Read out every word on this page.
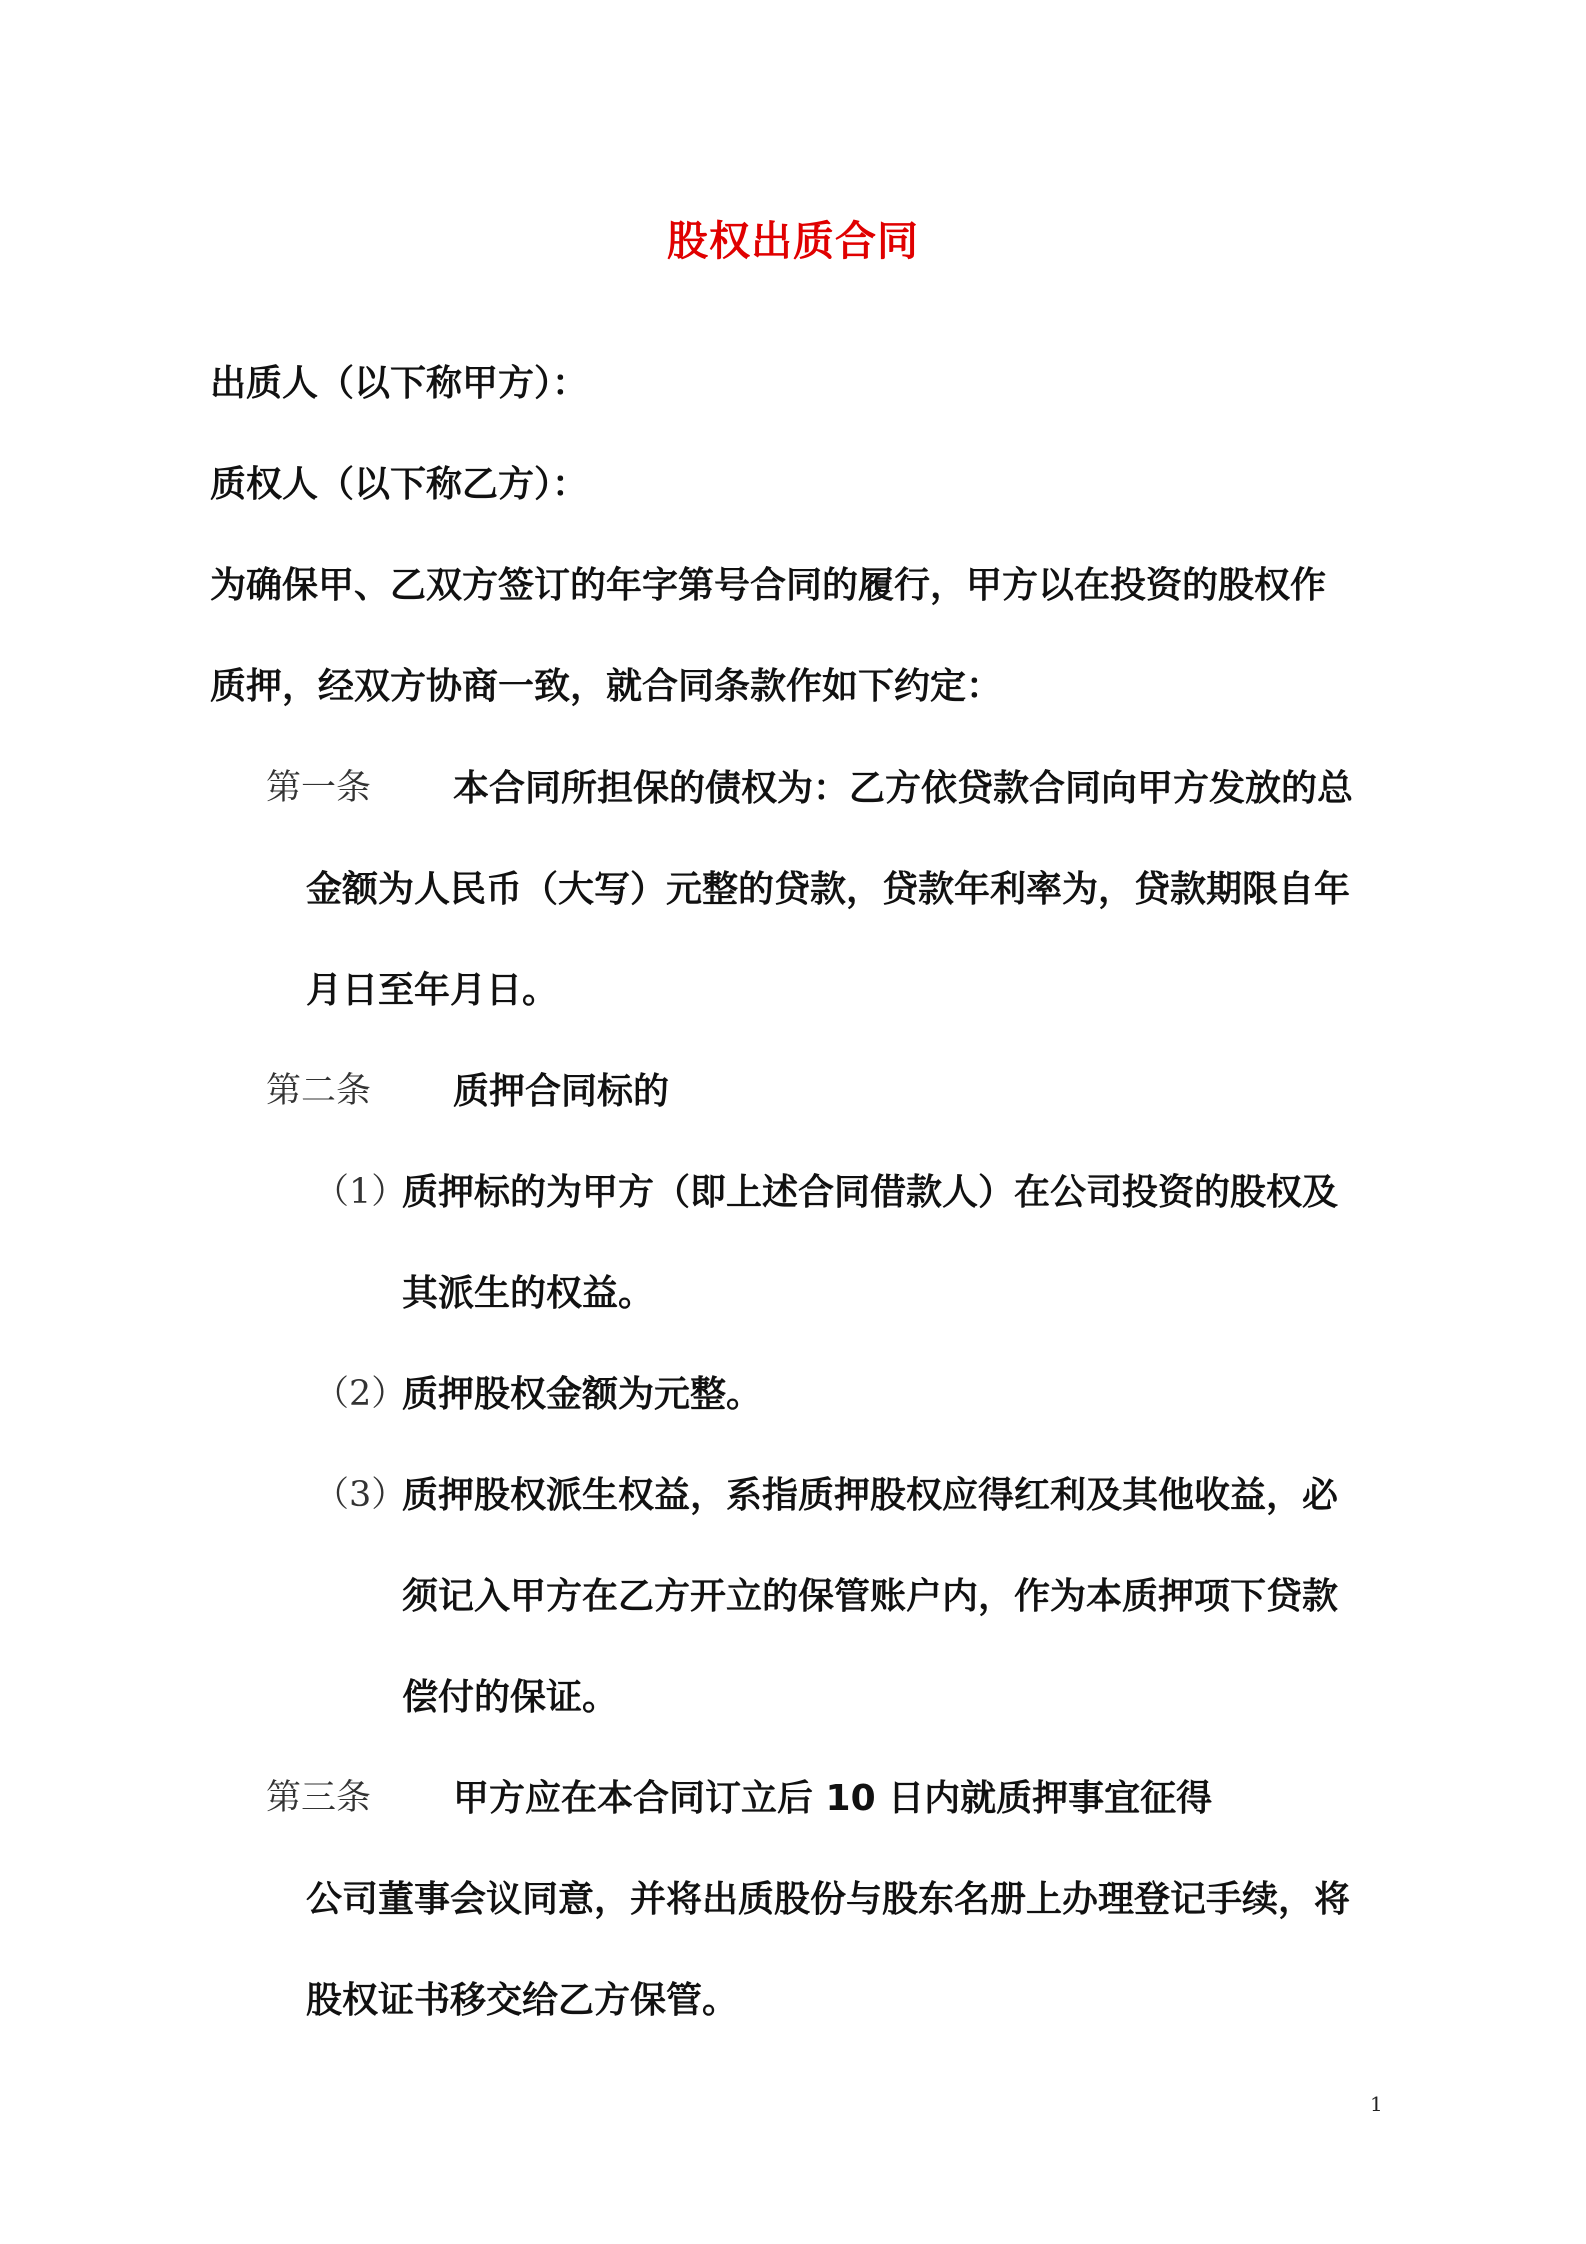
股权出质合同
出质人（以下称甲方）：
质权人（以下称乙方）：
为确保甲、乙双方签订的年字第号合同的履行，甲方以在投资的股权作
质押，经双方协商一致，就合同条款作如下约定：
第一条 本合同所担保的债权为：乙方依贷款合同向甲方发放的总
金额为人民币（大写）元整的贷款，贷款年利率为，贷款期限自年
月日至年月日。
第二条 质押合同标的
（1）
质押标的为甲方（即上述合同借款人）在公司投资的股权及
其派生的权益。
（2）
质押股权金额为元整。
（3）
质押股权派生权益，系指质押股权应得红利及其他收益，必
须记入甲方在乙方开立的保管账户内，作为本质押项下贷款
偿付的保证。
第三条 甲方应在本合同订立后 10 日内就质押事宜征得
公司董事会议同意，并将出质股份与股东名册上办理登记手续，将
股权证书移交给乙方保管。
1
